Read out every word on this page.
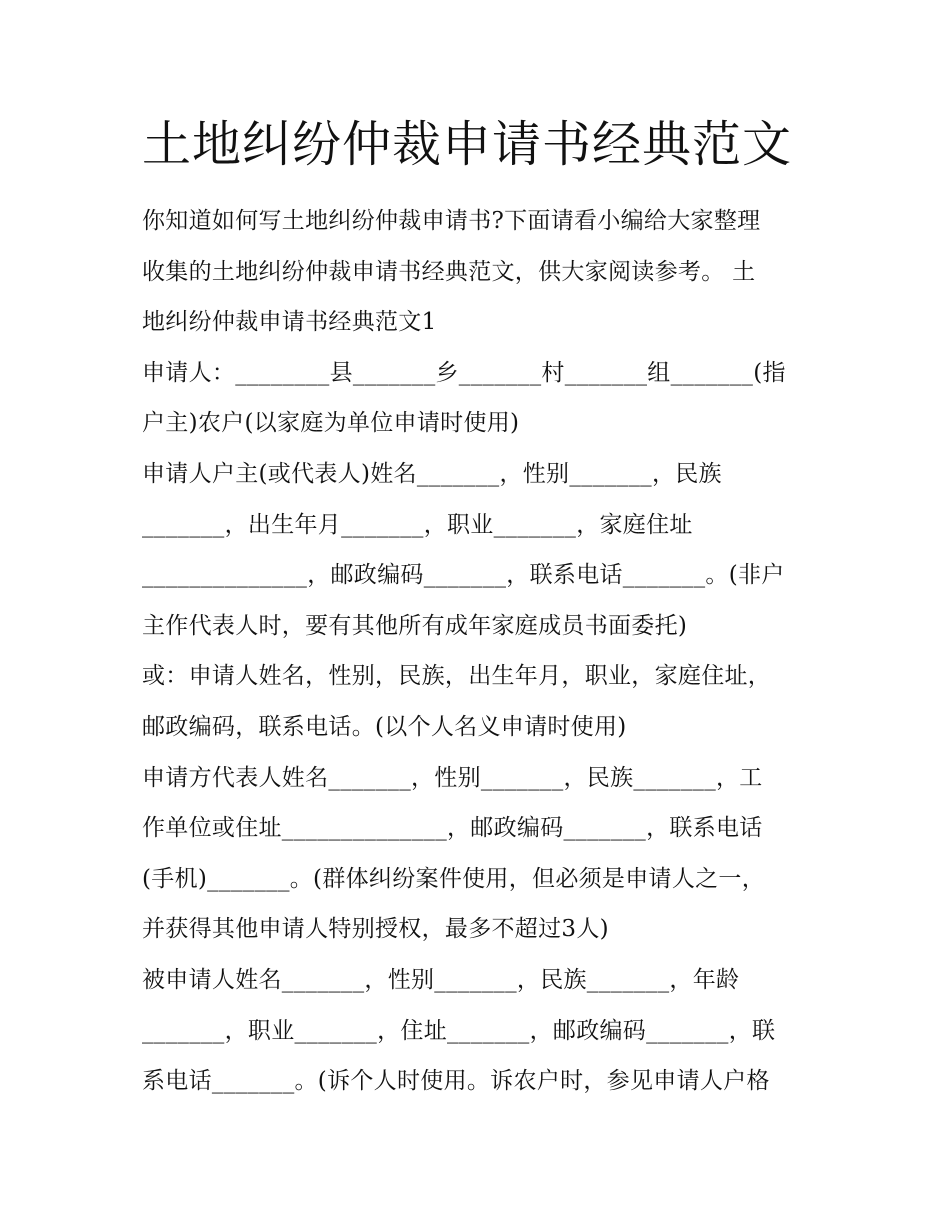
土地纠纷仲裁申请书经典范文
你知道如何写土地纠纷仲裁申请书?下面请看小编给大家整理
收集的土地纠纷仲裁申请书经典范文，供大家阅读参考。 土
地纠纷仲裁申请书经典范文1
申请人：________县_______乡_______村_______组_______(指
户主)农户(以家庭为单位申请时使用)
申请人户主(或代表人)姓名_______，性别_______，民族
_______，出生年月_______，职业_______，家庭住址
______________，邮政编码_______，联系电话_______。(非户
主作代表人时，要有其他所有成年家庭成员书面委托)
或：申请人姓名，性别，民族，出生年月，职业，家庭住址，
邮政编码，联系电话。(以个人名义申请时使用)
申请方代表人姓名_______，性别_______，民族_______，工
作单位或住址______________，邮政编码_______，联系电话
(手机)_______。(群体纠纷案件使用，但必须是申请人之一，
并获得其他申请人特别授权，最多不超过3人)
被申请人姓名_______，性别_______，民族_______，年龄
_______，职业_______，住址_______，邮政编码_______，联
系电话_______。(诉个人时使用。诉农户时，参见申请人户格
